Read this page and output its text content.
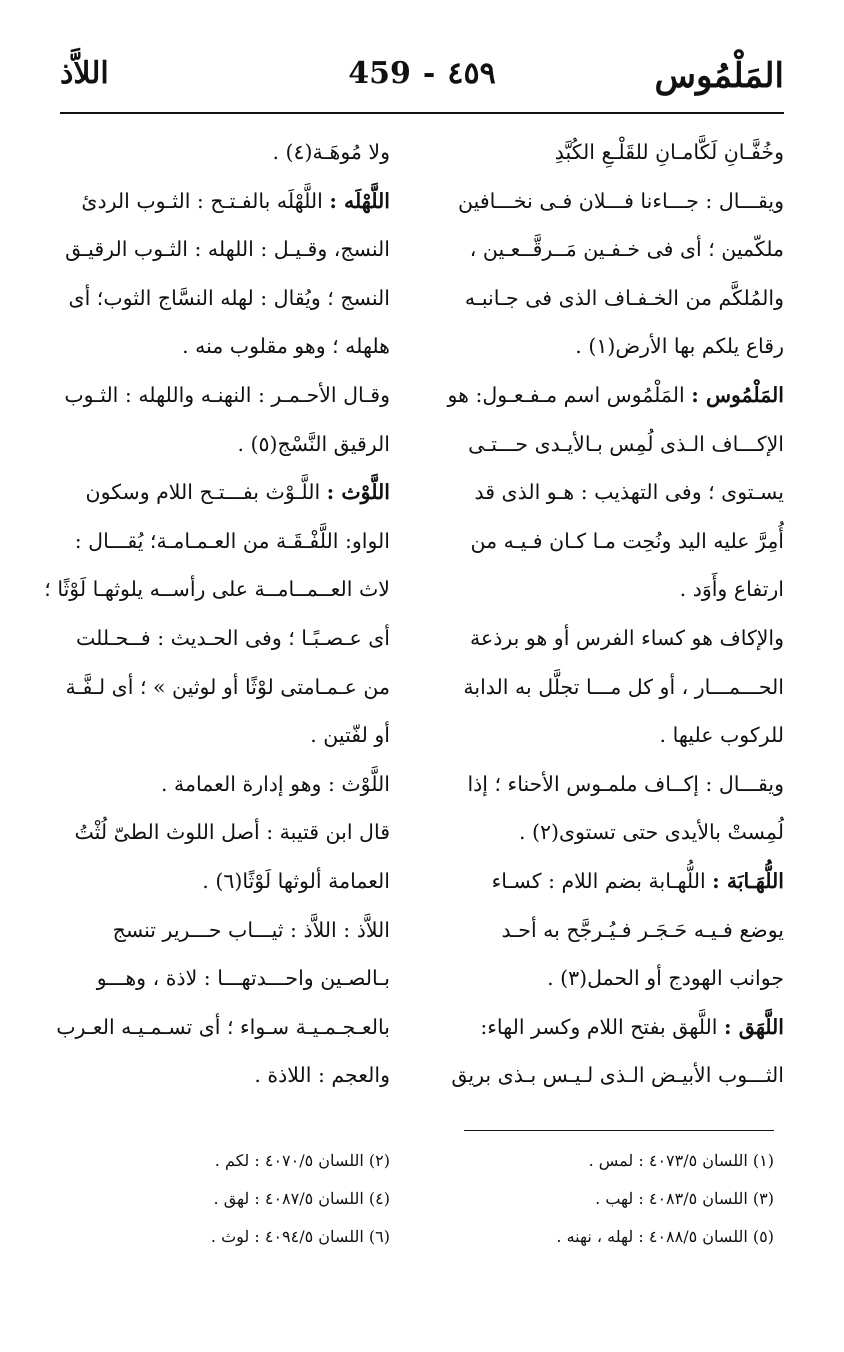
المَلْمُوس
459 - ٤٥٩
اللاَّذ
وخُفَّـانِ لَكَّامـانِ للقَلْـعِ الكُبَّدِ
ويقـــال : جـــاءنا فـــلان فـى نخـــافين
ملكّمين ؛ أى فى خـفـين مَــرقَّــعـين ،
والمُلكَّم من الخـفـاف الذى فى جـانبـه
رقاع يلكم بها الأرض(١) .
المَلْمُوس : المَلْمُوس اسم مـفـعـول: هو
الإكـــاف الـذى لُمِس بـالأيـدى حـــتـى
يسـتوى ؛ وفى التهذيب : هـو الذى قد
أُمِرَّ عليه اليد ونُحِت مـا كـان فـيـه من
ارتفاع وأَوَد .
والإكاف هو كساء الفرس أو هو برذعة
الحـــمـــار ، أو كل مـــا تجلَّل به الدابة
للركوب عليها .
ويقـــال : إكــاف ملمـوس الأحناء ؛ إذا
لُمِستْ بالأيدى حتى تستوى(٢) .
اللُّهَـابَة : اللُّهـابة بضم اللام : كسـاء
يوضع فـيـه حَـجَـر فـيُـرجَّح به أحـد
جوانب الهودج أو الحمل(٣) .
اللَّهَق : اللَّهق بفتح اللام وكسر الهاء:
الثـــوب الأبيـض الـذى لـيـس بـذى بريق
ولا مُوهَـة(٤) .
اللَّهْلَه : اللَّهْلَه بالفـتـح : الثـوب الردئ
النسج، وقـيـل : اللهله : الثـوب الرقيـق
النسج ؛ ويُقال : لهله النسَّاج الثوب؛ أى
هلهله ؛ وهو مقلوب منه .
وقـال الأحـمـر : النهنـه واللهله : الثـوب
الرقيق النَّسْج(٥) .
اللَّوْث : اللَّـوْث بفـــتـح اللام وسكون
الواو: اللَّفْـقَـة من العـمـامـة؛ يُقـــال :
لاث العــمــامــة على رأســه يلوثهـا لَوْثًا ؛
أى عـصـبًـا ؛ وفى الحـديث : فــحـللت
من عـمـامتى لوْثًا أو لوثين » ؛ أى لـفَّـة
أو لفّتين .
اللَّوْث : وهو إدارة العمامة .
قال ابن قتيبة : أصل اللوث الطىّ لُثْتُ
العمامة ألوثها لَوْثًا(٦) .
اللاَّذ : اللاَّذ : ثيـــاب حـــرير تنسج
بـالصـين واحـــدتهـــا : لاذة ، وهـــو
بالعـجـمـيـة سـواء ؛ أى تسـمـيـه العـرب
والعجم : اللاذة .
(١) اللسان ٤٠٧٣/٥ : لمس .
(٣) اللسان ٤٠٨٣/٥ : لهب .
(٥) اللسان ٤٠٨٨/٥ : لهله ، نهنه .
(٢) اللسان ٤٠٧٠/٥ : لكم .
(٤) اللسان ٤٠٨٧/٥ : لهق .
(٦) اللسان ٤٠٩٤/٥ : لوث .
